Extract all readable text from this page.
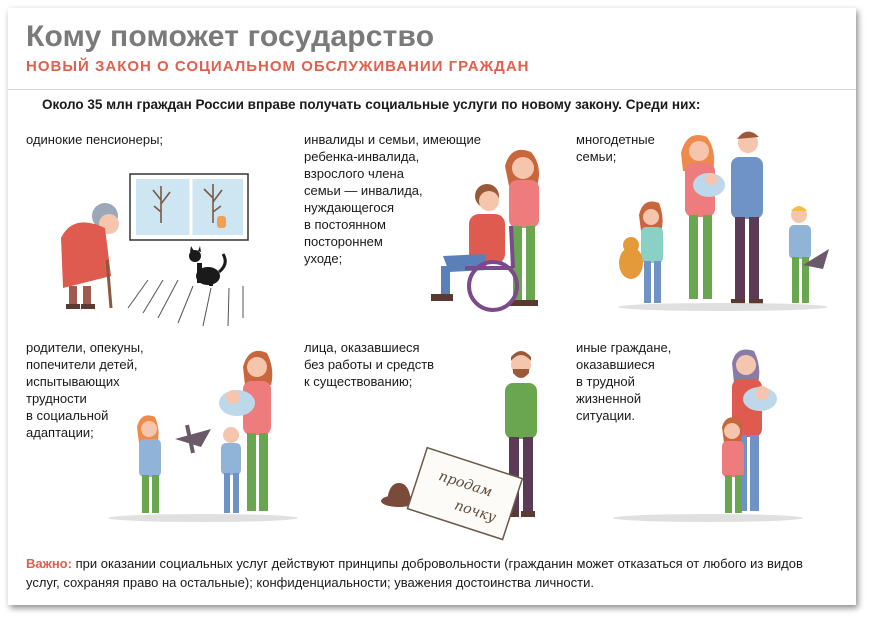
Кому поможет государство
НОВЫЙ ЗАКОН О СОЦИАЛЬНОМ ОБСЛУЖИВАНИИ ГРАЖДАН
Около 35 млн граждан России вправе получать социальные услуги по новому закону. Среди них:
одинокие пенсионеры;	инвалиды и семьи, имеющие
ребенка-инвалида,
взрослого члена
семьи — инвалида,
нуждающегося
в постоянном
постороннем
уходе;
многодетные
семьи;
родители, опекуны,
попечители детей,
испытывающих
трудности
в социальной
адаптации;
лица, оказавшиеся
без работы и средств
к существованию;
иные граждане,
оказавшиеся
в трудной
жизненной
ситуации.
продам
почку
Важно: при оказании социальных услуг действуют принципы добровольности (гражданин может отказаться от любого из видов услуг, сохраняя право на остальные); конфиденциальности; уважения достоинства личности.
